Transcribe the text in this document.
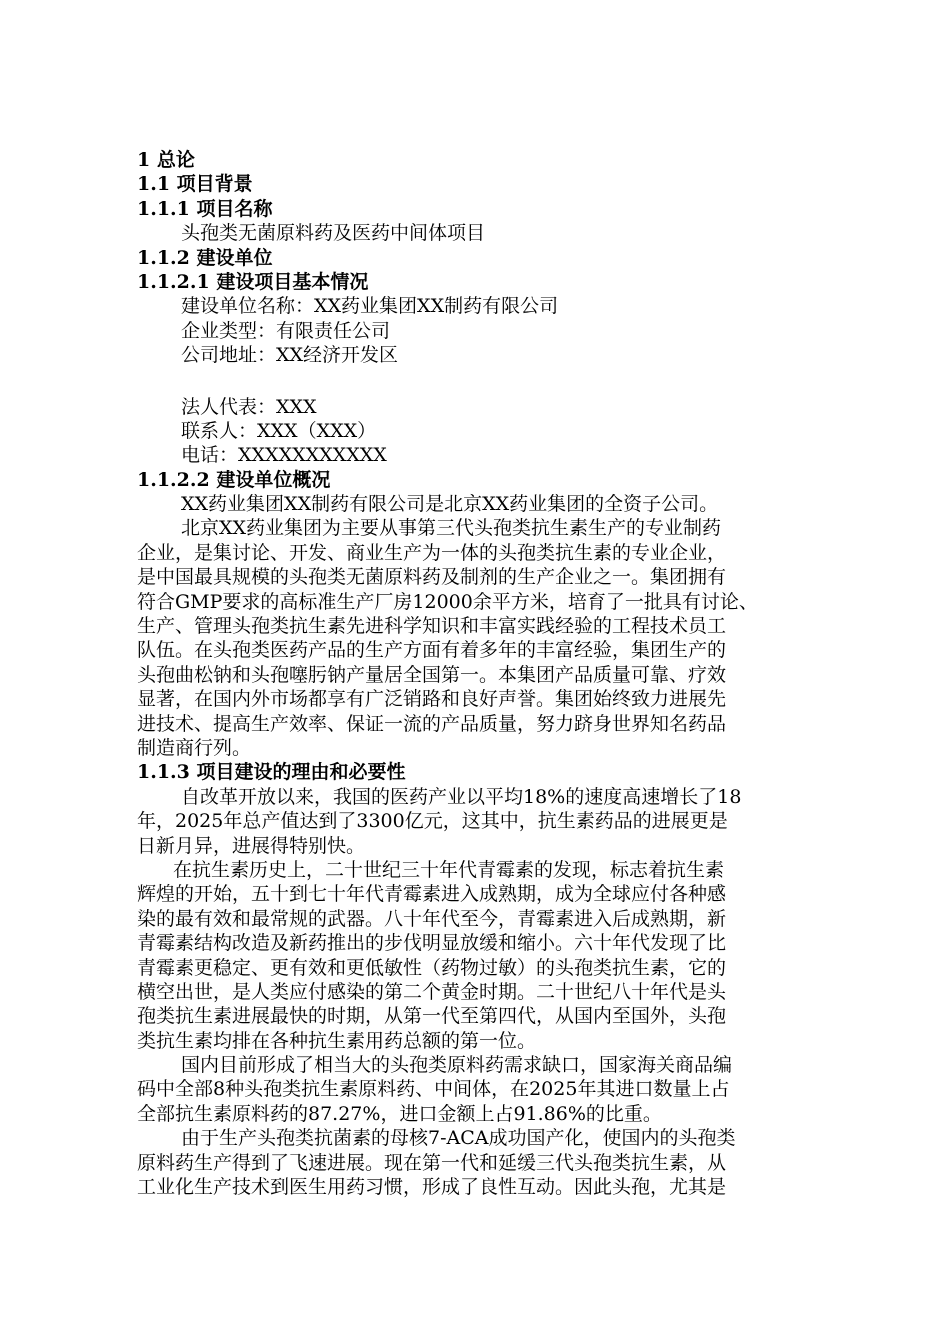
1 总论
1.1 项目背景
1.1.1 项目名称
头孢类无菌原料药及医药中间体项目
1.1.2 建设单位
1.1.2.1 建设项目基本情况
建设单位名称：XX药业集团XX制药有限公司
企业类型：有限责任公司
公司地址：XX经济开发区
法人代表：XXX
联系人：XXX（XXX）
电话：XXXXXXXXXXX
1.1.2.2 建设单位概况
XX药业集团XX制药有限公司是北京XX药业集团的全资子公司。
北京XX药业集团为主要从事第三代头孢类抗生素生产的专业制药
企业，是集讨论、开发、商业生产为一体的头孢类抗生素的专业企业，
是中国最具规模的头孢类无菌原料药及制剂的生产企业之一。集团拥有
符合GMP要求的高标准生产厂房12000余平方米，培育了一批具有讨论、
生产、管理头孢类抗生素先进科学知识和丰富实践经验的工程技术员工
队伍。在头孢类医药产品的生产方面有着多年的丰富经验，集团生产的
头孢曲松钠和头孢噻肟钠产量居全国第一。本集团产品质量可靠、疗效
显著，在国内外市场都享有广泛销路和良好声誉。集团始终致力进展先
进技术、提高生产效率、保证一流的产品质量，努力跻身世界知名药品
制造商行列。
1.1.3 项目建设的理由和必要性
自改革开放以来，我国的医药产业以平均18%的速度高速增长了18
年，2025年总产值达到了3300亿元，这其中，抗生素药品的进展更是
日新月异，进展得特别快。
在抗生素历史上，二十世纪三十年代青霉素的发现，标志着抗生素
辉煌的开始，五十到七十年代青霉素进入成熟期，成为全球应付各种感
染的最有效和最常规的武器。八十年代至今，青霉素进入后成熟期，新
青霉素结构改造及新药推出的步伐明显放缓和缩小。六十年代发现了比
青霉素更稳定、更有效和更低敏性（药物过敏）的头孢类抗生素，它的
横空出世，是人类应付感染的第二个黄金时期。二十世纪八十年代是头
孢类抗生素进展最快的时期，从第一代至第四代，从国内至国外，头孢
类抗生素均排在各种抗生素用药总额的第一位。
国内目前形成了相当大的头孢类原料药需求缺口，国家海关商品编
码中全部8种头孢类抗生素原料药、中间体，在2025年其进口数量上占
全部抗生素原料药的87.27%，进口金额上占91.86%的比重。
由于生产头孢类抗菌素的母核7-ACA成功国产化，使国内的头孢类
原料药生产得到了飞速进展。现在第一代和延缓三代头孢类抗生素，从
工业化生产技术到医生用药习惯，形成了良性互动。因此头孢，尤其是
